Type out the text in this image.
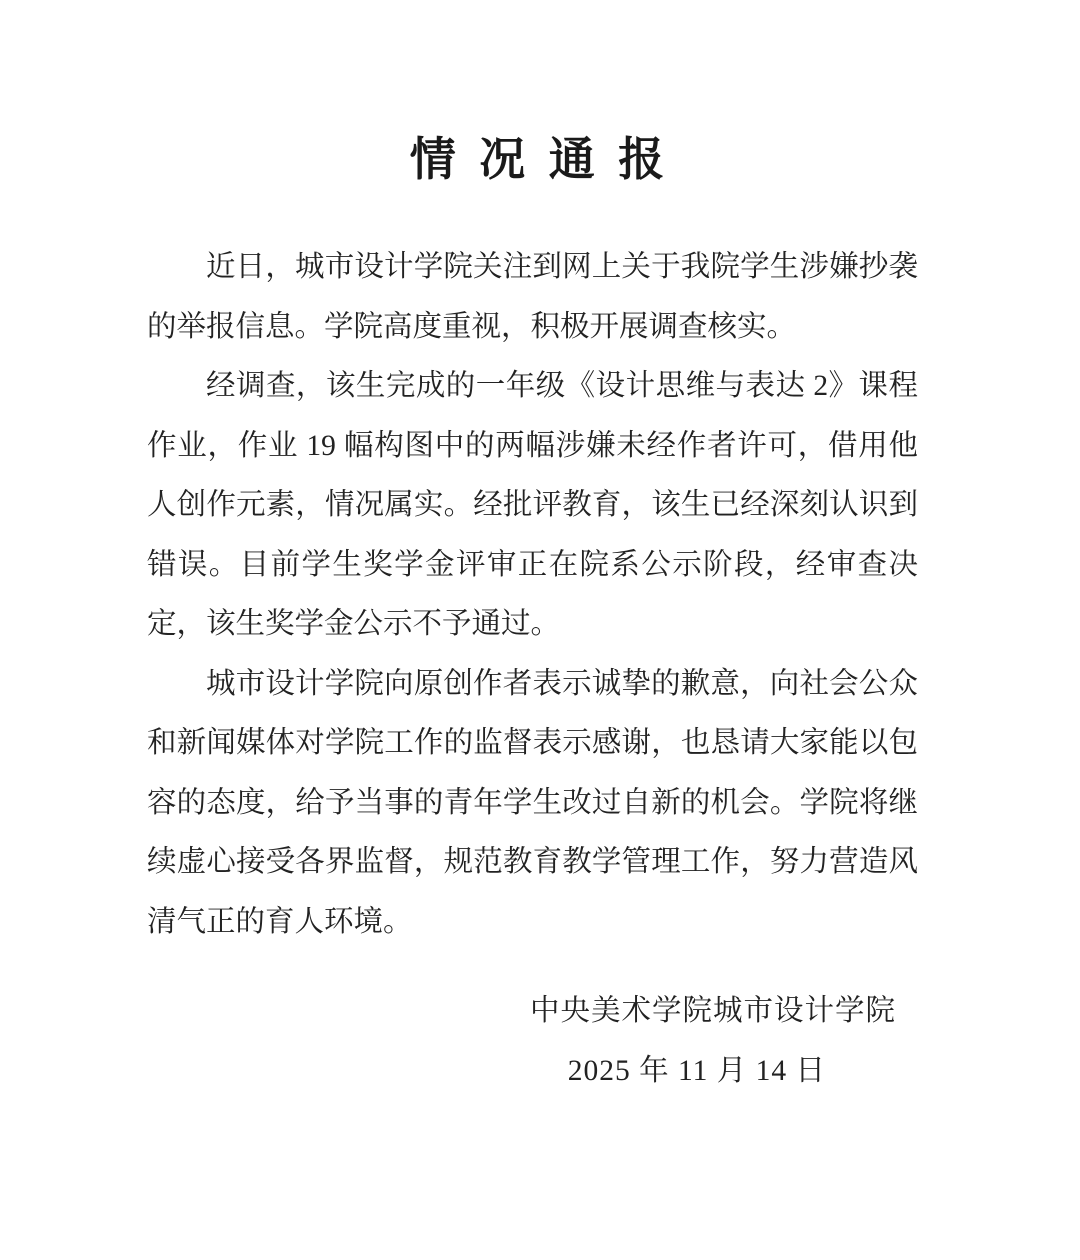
情 况 通 报

近日，城市设计学院关注到网上关于我院学生涉嫌抄袭的举报信息。学院高度重视，积极开展调查核实。

经调查，该生完成的一年级《设计思维与表达 2》课程作业，作业 19 幅构图中的两幅涉嫌未经作者许可，借用他人创作元素，情况属实。经批评教育，该生已经深刻认识到错误。目前学生奖学金评审正在院系公示阶段，经审查决定，该生奖学金公示不予通过。

城市设计学院向原创作者表示诚挚的歉意，向社会公众和新闻媒体对学院工作的监督表示感谢，也恳请大家能以包容的态度，给予当事的青年学生改过自新的机会。学院将继续虚心接受各界监督，规范教育教学管理工作，努力营造风清气正的育人环境。

中央美术学院城市设计学院
2025 年 11 月 14 日
